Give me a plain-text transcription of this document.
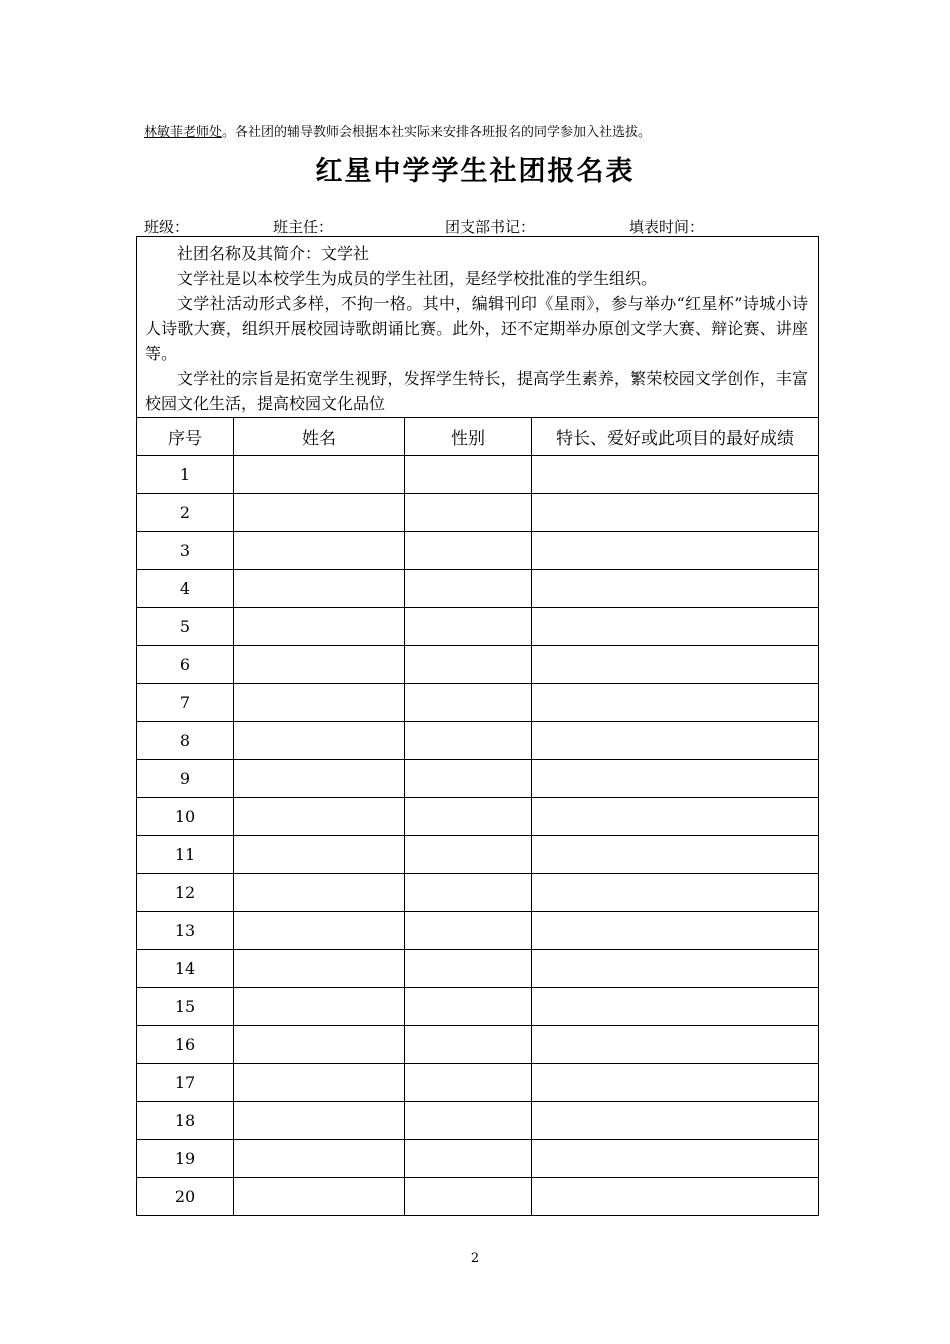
林敏菲老师处。各社团的辅导教师会根据本社实际来安排各班报名的同学参加入社选拔。
红星中学学生社团报名表
班级：	班主任：	团支部书记：	填表时间：

社团名称及其简介：文学社

文学社是以本校学生为成员的学生社团，是经学校批准的学生组织。

文学社活动形式多样，不拘一格。其中，编辑刊印《星雨》，参与举办“红星杯”诗城小诗人诗歌大赛，组织开展校园诗歌朗诵比赛。此外，还不定期举办原创文学大赛、辩论赛、讲座等。

文学社的宗旨是拓宽学生视野，发挥学生特长，提高学生素养，繁荣校园文学创作，丰富校园文化生活，提高校园文化品位			

序号	姓名	性别	特长、爱好或此项目的最好成绩
1			
2			
3			
4			
5			
6			
7			
8			
9			
10			
11			
12			
13			
14			
15			
16			
17			
18			
19			
20			
2
